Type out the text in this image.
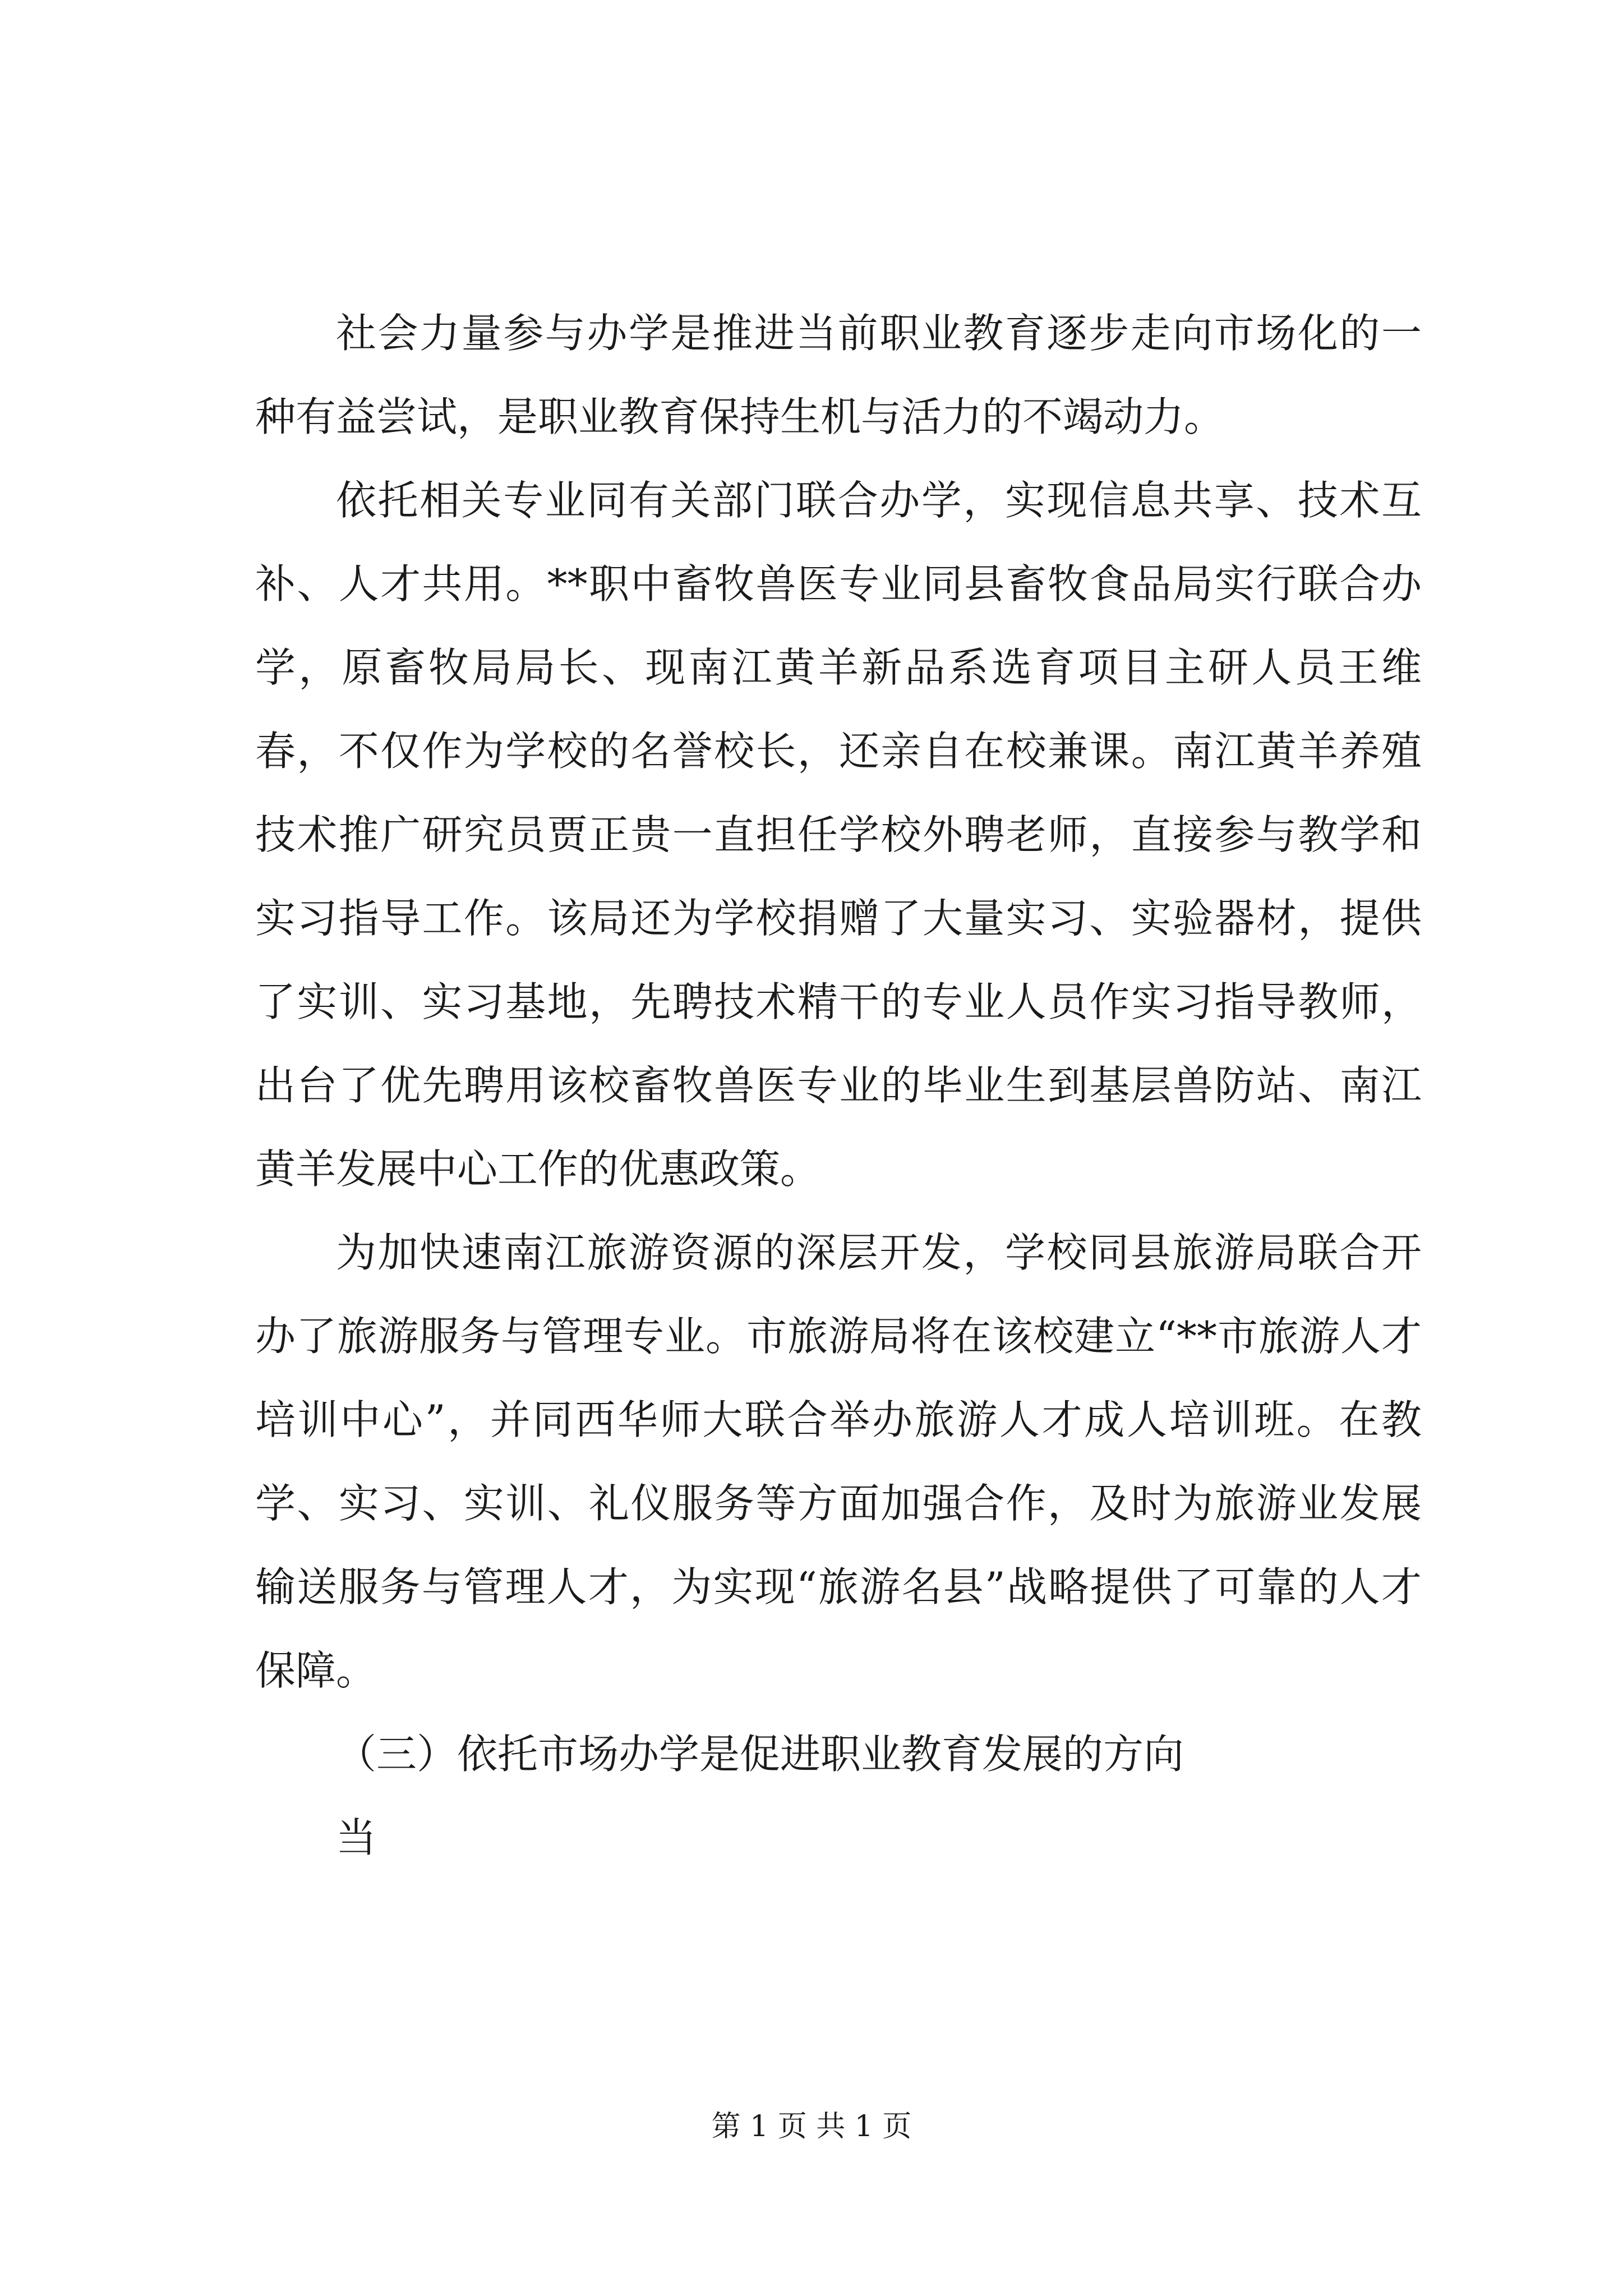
社会力量参与办学是推进当前职业教育逐步走向市场化的一种有益尝试，是职业教育保持生机与活力的不竭动力。

依托相关专业同有关部门联合办学，实现信息共享、技术互补、人才共用。**职中畜牧兽医专业同县畜牧食品局实行联合办学，原畜牧局局长、现南江黄羊新品系选育项目主研人员王维春，不仅作为学校的名誉校长，还亲自在校兼课。南江黄羊养殖技术推广研究员贾正贵一直担任学校外聘老师，直接参与教学和实习指导工作。该局还为学校捐赠了大量实习、实验器材，提供了实训、实习基地，先聘技术精干的专业人员作实习指导教师，出台了优先聘用该校畜牧兽医专业的毕业生到基层兽防站、南江黄羊发展中心工作的优惠政策。

为加快速南江旅游资源的深层开发，学校同县旅游局联合开办了旅游服务与管理专业。市旅游局将在该校建立“**市旅游人才培训中心”，并同西华师大联合举办旅游人才成人培训班。在教学、实习、实训、礼仪服务等方面加强合作，及时为旅游业发展输送服务与管理人才，为实现“旅游名县”战略提供了可靠的人才保障。

（三）依托市场办学是促进职业教育发展的方向

当

第 1 页 共 1 页
